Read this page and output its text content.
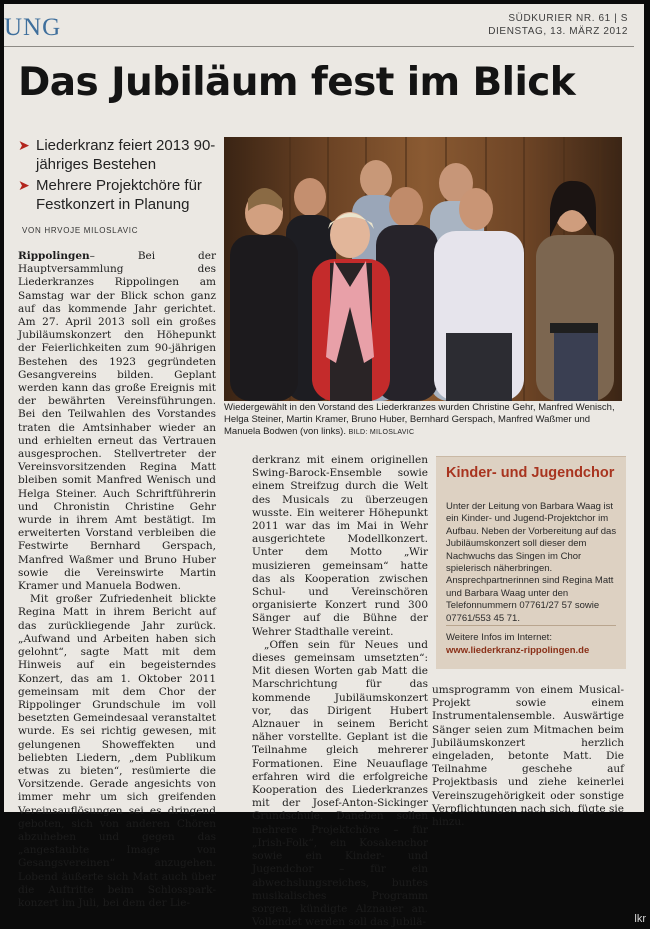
UNG	SÜDKURIER NR. 61 | S
DIENSTAG, 13. MÄRZ 2012
Das Jubiläum fest im Blick
➤ Liederkranz feiert 2013 90-jähriges Bestehen
➤ Mehrere Projektchöre für Festkonzert in Planung
VON HRVOJE MILOSLAVIC
Wiedergewählt in den Vorstand des Liederkranzes wurden Christine Gehr, Manfred Wenisch, Helga Steiner, Martin Kramer, Bruno Huber, Bernhard Gerspach, Manfred Waßmer und Manuela Bodwen (von links). BILD: MILOSLAVIC

Rippolingen– Bei der Hauptversammlung des Liederkranzes Rippolingen am Samstag war der Blick schon ganz auf das kommende Jahr gerichtet. Am 27. April 2013 soll ein großes Jubiläumskonzert den Höhepunkt der Feierlichkeiten zum 90-jährigen Bestehen des 1923 gegründeten Gesangvereins bilden. Geplant werden kann das große Ereignis mit der bewährten Vereinsführungen. Bei den Teilwahlen des Vorstandes traten die Amtsinhaber wieder an und erhielten erneut das Vertrauen ausgesprochen. Stellvertreter der Vereinsvorsitzenden Regina Matt bleiben somit Manfred Wenisch und Helga Steiner. Auch Schriftführerin und Chronistin Christine Gehr wurde in ihrem Amt bestätigt. Im erweiterten Vorstand verbleiben die Festwirte Bernhard Gerspach, Manfred Waßmer und Bruno Huber sowie die Vereinswirte Martin Kramer und Manuela Bodwen.

Mit großer Zufriedenheit blickte Regina Matt in ihrem Bericht auf das zurückliegende Jahr zurück. „Aufwand und Arbeiten haben sich gelohnt“, sagte Matt mit dem Hinweis auf ein begeisterndes Konzert, das am 1. Oktober 2011 gemeinsam mit dem Chor der Rippolinger Grundschule im voll besetzten Gemeindesaal veranstaltet wurde. Es sei richtig gewesen, mit gelungenen Showeffekten und beliebten Liedern, „dem Publikum etwas zu bieten“, resümierte die Vorsitzende. Gerade angesichts von immer mehr um sich greifenden Vereinsauflösungen sei es dringend geboten, sich von anderen Chören abzuheben und gegen das „angestaubte Image von Gesangsvereinen“ anzugehen. Lobend äußerte sich Matt auch über die Auftritte beim Schlossparkkonzert im Juli, bei dem der Lie-

derkranz mit einem originellen Swing-Barock-Ensemble sowie einem Streifzug durch die Welt des Musicals zu überzeugen wusste. Ein weiterer Höhepunkt 2011 war das im Mai in Wehr ausgerichtete Modellkonzert. Unter dem Motto „Wir musizieren gemeinsam“ hatte das als Kooperation zwischen Schul- und Vereinschören organisierte Konzert rund 300 Sänger auf die Bühne der Wehrer Stadthalle vereint.

„Offen sein für Neues und dieses gemeinsam umsetzten“: Mit diesen Worten gab Matt die Marschrichtung für das kommende Jubiläumskonzert vor, das Dirigent Hubert Alznauer in seinem Bericht näher vorstellte. Geplant ist die Teilnahme gleich mehrerer Formationen. Eine Neuauflage erfahren wird die erfolgreiche Kooperation des Liederkranzes mit der Josef-Anton-Sickinger Grundschule. Daneben sollen mehrere Projektchöre – für „Irish-Folk“, ein Kosakenchor sowie ein Kinder- und Jugendchor – für ein abwechslungsreiches, buntes musikalisches Programm sorgen, kündigte Alznauer an. Vollendet werden soll das Jubilä-

Kinder- und Jugendchor
Unter der Leitung von Barbara Waag ist ein Kinder- und Jugend-Projektchor im Aufbau. Neben der Vorbereitung auf das Jubiläumskonzert soll dieser dem Nachwuchs das Singen im Chor spielerisch näherbringen. Ansprechpartnerinnen sind Regina Matt und Barbara Waag unter den Telefonnummern 07761/27 57 sowie 07761/553 45 71.
Weitere Infos im Internet:
www.liederkranz-rippolingen.de

umsprogramm von einem Musical-Projekt sowie einem Instrumentalensemble. Auswärtige Sänger seien zum Mitmachen beim Jubiläumskonzert herzlich eingeladen, betonte Matt. Die Teilnahme geschehe auf Projektbasis und ziehe keinerlei Vereinszugehörigkeit oder sonstige Verpflichtungen nach sich, fügte sie hinzu.

lkr
